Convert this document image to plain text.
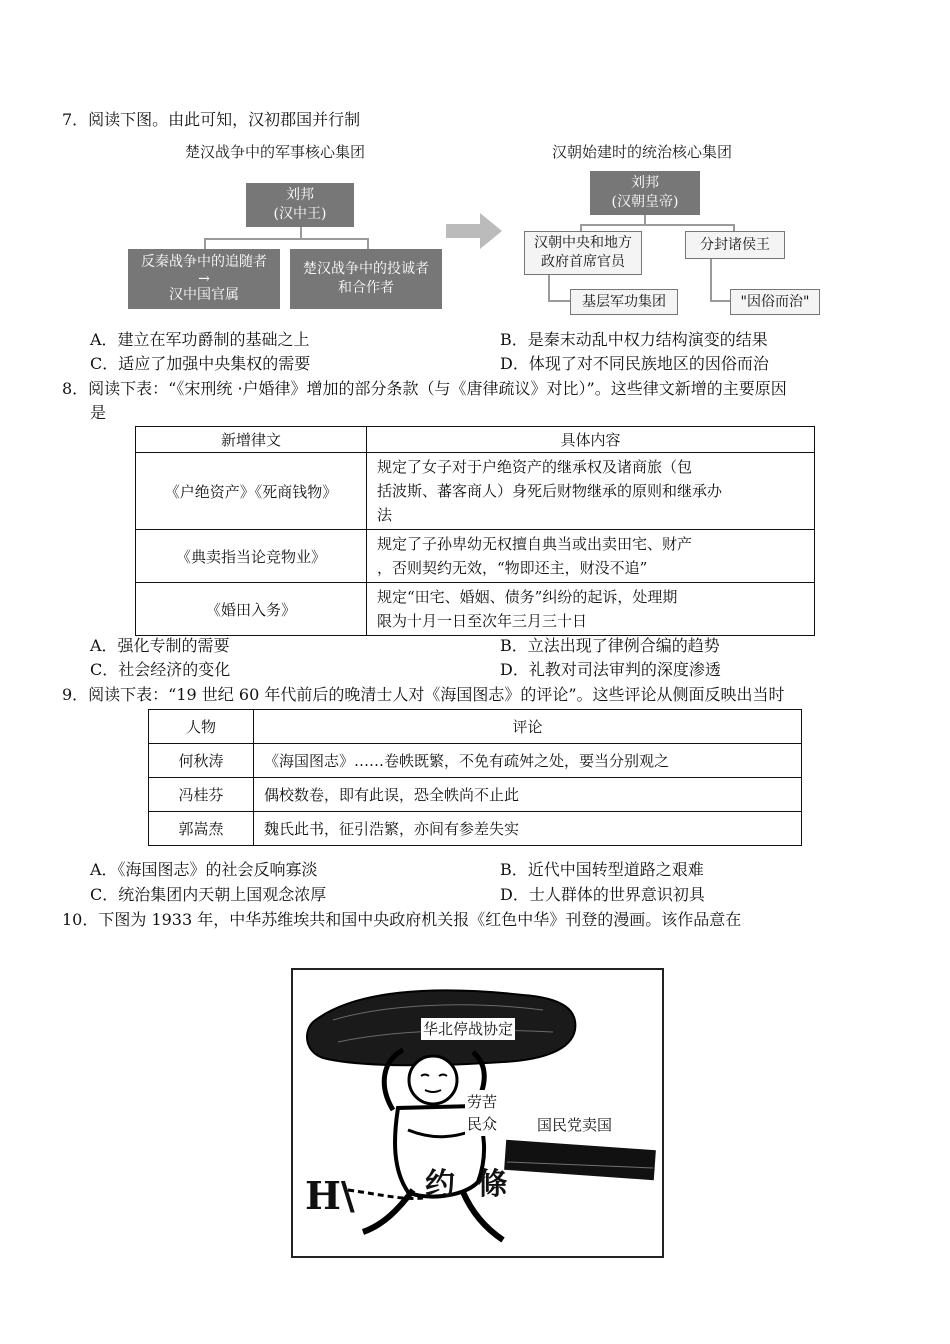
7．阅读下图。由此可知，汉初郡国并行制
楚汉战争中的军事核心集团	汉朝始建时的统治核心集团
刘邦
(汉中王)
反秦战争中的追随者
→
汉中国官属
楚汉战争中的投诚者
和合作者
刘邦
(汉朝皇帝)
汉朝中央和地方
政府首席官员
分封诸侯王
基层军功集团	"因俗而治"
A．建立在军功爵制的基础之上	B．是秦末动乱中权力结构演变的结果
C．适应了加强中央集权的需要	D．体现了对不同民族地区的因俗而治
8．阅读下表：“《宋刑统 ·户婚律》增加的部分条款（与《唐律疏议》对比）”。这些律文新增的主要原因
是
新增律文	具体内容
《户绝资产》《死商钱物》	规定了女子对于户绝资产的继承权及诸商旅（包
括波斯、蕃客商人）身死后财物继承的原则和继承办
法

《典卖指当论竞物业》	规定了子孙卑幼无权擅自典当或出卖田宅、财产
，否则契约无效，“物即还主，财没不追”

《婚田入务》	规定“田宅、婚姻、债务”纠纷的起诉，处理期
限为十月一日至次年三月三十日
A．强化专制的需要	B．立法出现了律例合编的趋势
C．社会经济的变化	D．礼教对司法审判的深度渗透
9．阅读下表：“19 世纪 60 年代前后的晚清士人对《海国图志》的评论”。这些评论从侧面反映出当时
人物	评论
何秋涛	《海国图志》……卷帙既繁，不免有疏舛之处，要当分别观之
冯桂芬	偶校数卷，即有此误，恐全帙尚不止此
郭嵩焘	魏氏此书，征引浩繁，亦间有参差失实
A．《海国图志》的社会反响寡淡	B．近代中国转型道路之艰难
C．统治集团内天朝上国观念浓厚	D．士人群体的世界意识初具
10．下图为 1933 年，中华苏维埃共和国中央政府机关报《红色中华》刊登的漫画。该作品意在
H\ 约 條
华北停战协定
劳苦
民众	国民党卖国
